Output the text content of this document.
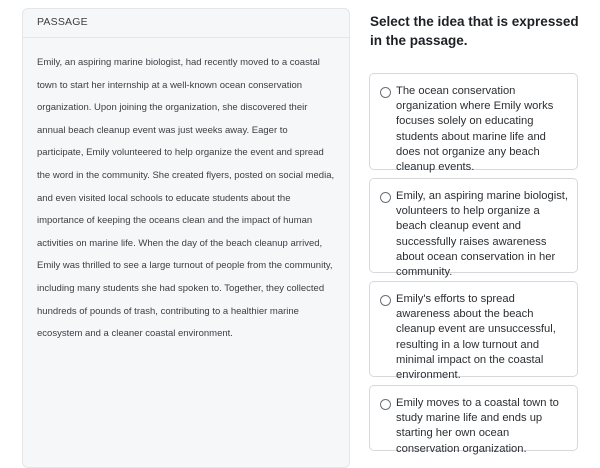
PASSAGE
Emily, an aspiring marine biologist, had recently moved to a coastal town to start her internship at a well-known ocean conservation organization. Upon joining the organization, she discovered their annual beach cleanup event was just weeks away. Eager to participate, Emily volunteered to help organize the event and spread the word in the community. She created flyers, posted on social media, and even visited local schools to educate students about the importance of keeping the oceans clean and the impact of human activities on marine life. When the day of the beach cleanup arrived, Emily was thrilled to see a large turnout of people from the community, including many students she had spoken to. Together, they collected hundreds of pounds of trash, contributing to a healthier marine ecosystem and a cleaner coastal environment.
Select the idea that is expressed in the passage.
The ocean conservation organization where Emily works focuses solely on educating students about marine life and does not organize any beach cleanup events.
Emily, an aspiring marine biologist, volunteers to help organize a beach cleanup event and successfully raises awareness about ocean conservation in her community.
Emily's efforts to spread awareness about the beach cleanup event are unsuccessful, resulting in a low turnout and minimal impact on the coastal environment.
Emily moves to a coastal town to study marine life and ends up starting her own ocean conservation organization.
